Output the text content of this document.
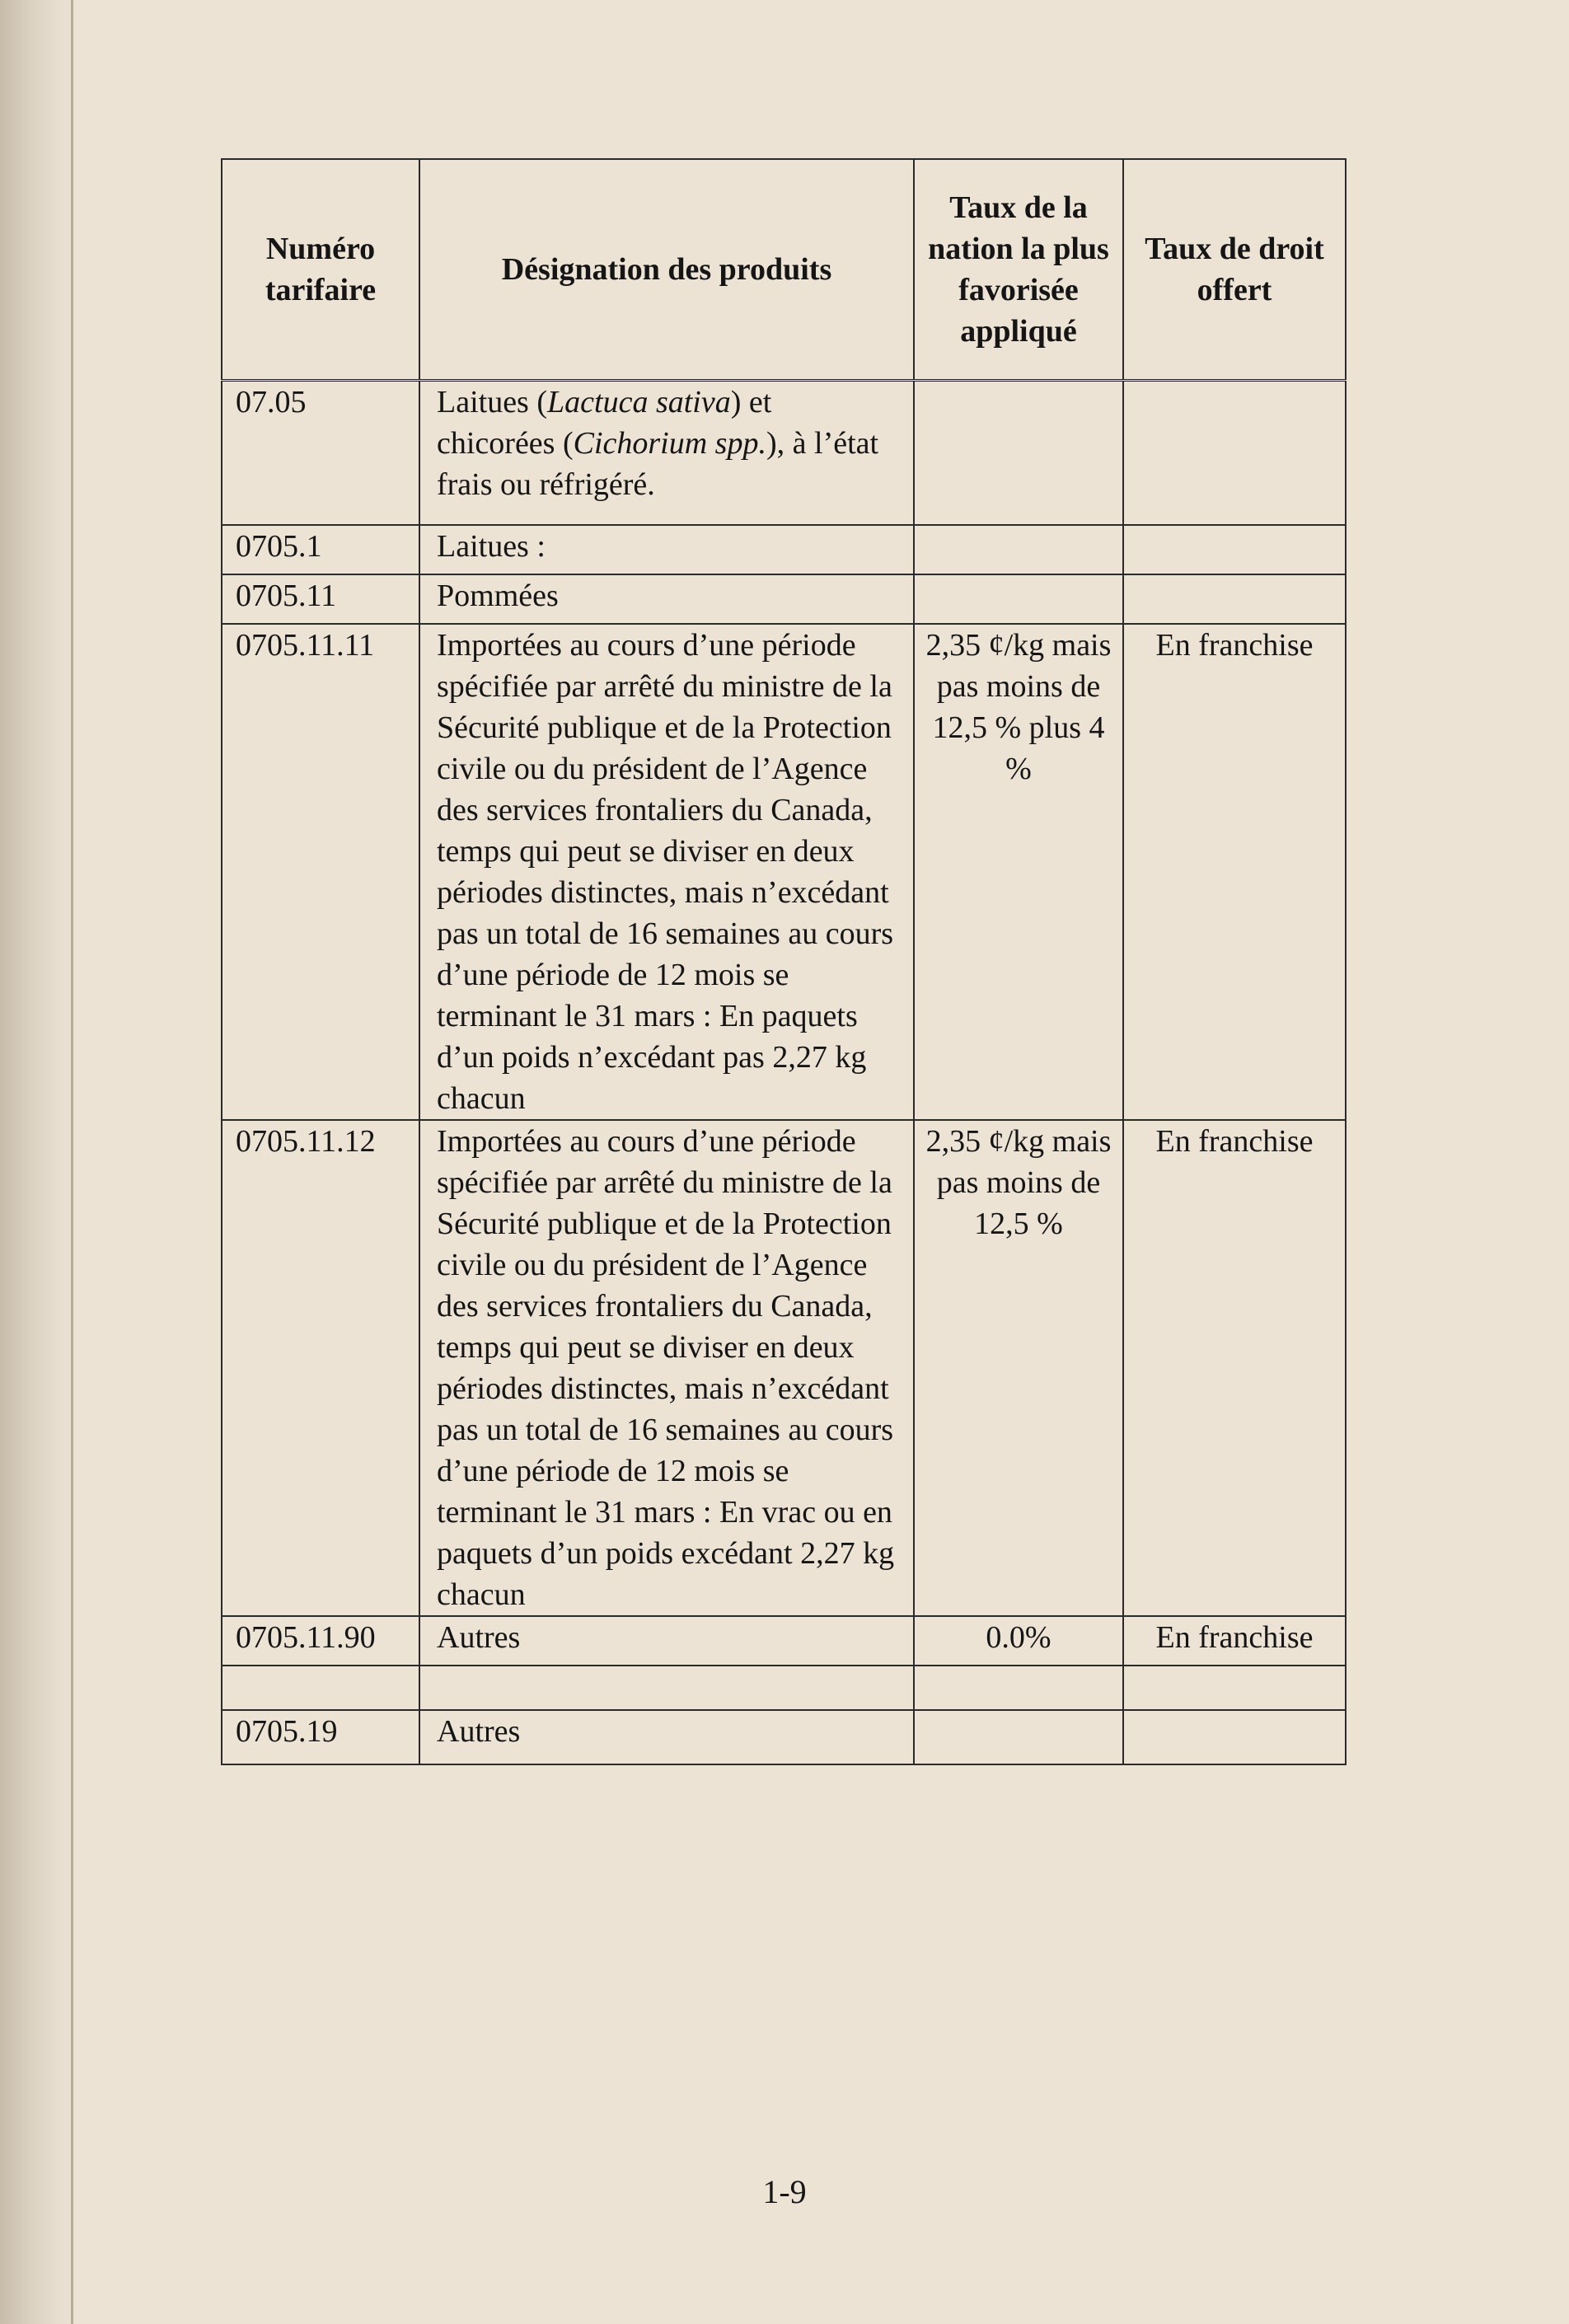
Numéro tarifaire	Désignation des produits	Taux de la nation la plus favorisée appliqué	Taux de droit offert
07.05	Laitues (Lactuca sativa) et chicorées (Cichorium spp.), à l’état frais ou réfrigéré.		
0705.1	Laitues :		
0705.11	Pommées		
0705.11.11	Importées au cours d’une période spécifiée par arrêté du ministre de la Sécurité publique et de la Protection civile ou du président de l’Agence des services frontaliers du Canada, temps qui peut se diviser en deux périodes distinctes, mais n’excédant pas un total de 16 semaines au cours d’une période de 12 mois se terminant le 31 mars : En paquets d’un poids n’excédant pas 2,27 kg chacun	2,35 ¢/kg mais pas moins de 12,5 % plus 4 %	En franchise
0705.11.12	Importées au cours d’une période spécifiée par arrêté du ministre de la Sécurité publique et de la Protection civile ou du président de l’Agence des services frontaliers du Canada, temps qui peut se diviser en deux périodes distinctes, mais n’excédant pas un total de 16 semaines au cours d’une période de 12 mois se terminant le 31 mars : En vrac ou en paquets d’un poids excédant 2,27 kg chacun	2,35 ¢/kg mais pas moins de 12,5 %	En franchise
0705.11.90	Autres	0.0%	En franchise

0705.19	Autres		
1-9
